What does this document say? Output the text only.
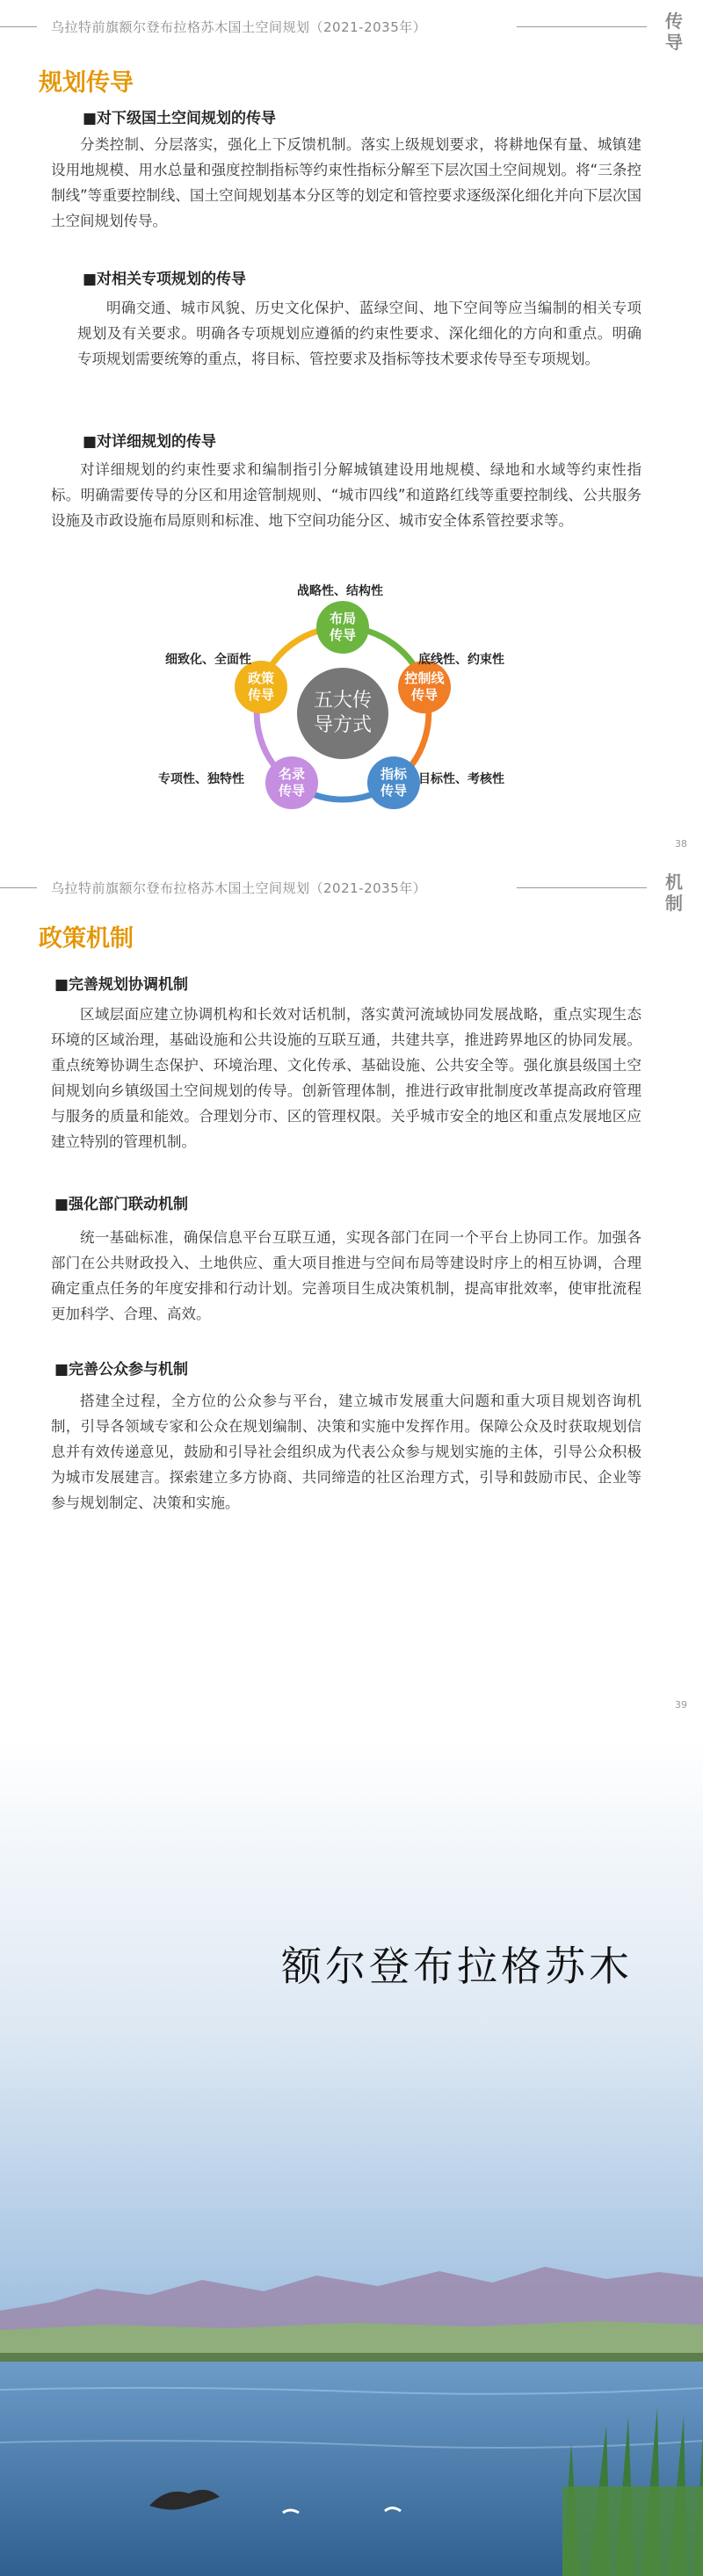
乌拉特前旗额尔登布拉格苏木国土空间规划（2021-2035年）	传导
规划传导
■对下级国土空间规划的传导

分类控制、分层落实，强化上下反馈机制。落实上级规划要求，将耕地保有量、城镇建设用地规模、用水总量和强度控制指标等约束性指标分解至下层次国土空间规划。将“三条控制线”等重要控制线、国土空间规划基本分区等的划定和管控要求逐级深化细化并向下层次国土空间规划传导。

■对相关专项规划的传导

明确交通、城市风貌、历史文化保护、蓝绿空间、地下空间等应当编制的相关专项规划及有关要求。明确各专项规划应遵循的约束性要求、深化细化的方向和重点。明确专项规划需要统筹的重点，将目标、管控要求及指标等技术要求传导至专项规划。

■对详细规划的传导

对详细规划的约束性要求和编制指引分解城镇建设用地规模、绿地和水域等约束性指标。明确需要传导的分区和用途管制规则、“城市四线”和道路红线等重要控制线、公共服务设施及市政设施布局原则和标准、地下空间功能分区、城市安全体系管控要求等。

五大传
导方式
布局
传导
控制线
传导
指标
传导
名录
传导
政策
传导
战略性、结构性
底线性、约束性
目标性、考核性
专项性、独特性
细致化、全面性
38
乌拉特前旗额尔登布拉格苏木国土空间规划（2021-2035年）	机制
政策机制
■完善规划协调机制

区域层面应建立协调机构和长效对话机制，落实黄河流域协同发展战略，重点实现生态环境的区域治理，基础设施和公共设施的互联互通，共建共享，推进跨界地区的协同发展。重点统筹协调生态保护、环境治理、文化传承、基础设施、公共安全等。强化旗县级国土空间规划向乡镇级国土空间规划的传导。创新管理体制，推进行政审批制度改革提高政府管理与服务的质量和能效。合理划分市、区的管理权限。关乎城市安全的地区和重点发展地区应建立特别的管理机制。

■强化部门联动机制

统一基础标准，确保信息平台互联互通，实现各部门在同一个平台上协同工作。加强各部门在公共财政投入、土地供应、重大项目推进与空间布局等建设时序上的相互协调，合理确定重点任务的年度安排和行动计划。完善项目生成决策机制，提高审批效率，使审批流程更加科学、合理、高效。

■完善公众参与机制

搭建全过程，全方位的公众参与平台，建立城市发展重大问题和重大项目规划咨询机制，引导各领域专家和公众在规划编制、决策和实施中发挥作用。保障公众及时获取规划信息并有效传递意见，鼓励和引导社会组织成为代表公众参与规划实施的主体，引导公众积极为城市发展建言。探索建立多方协商、共同缔造的社区治理方式，引导和鼓励市民、企业等参与规划制定、决策和实施。

39
额尔登布拉格苏木
